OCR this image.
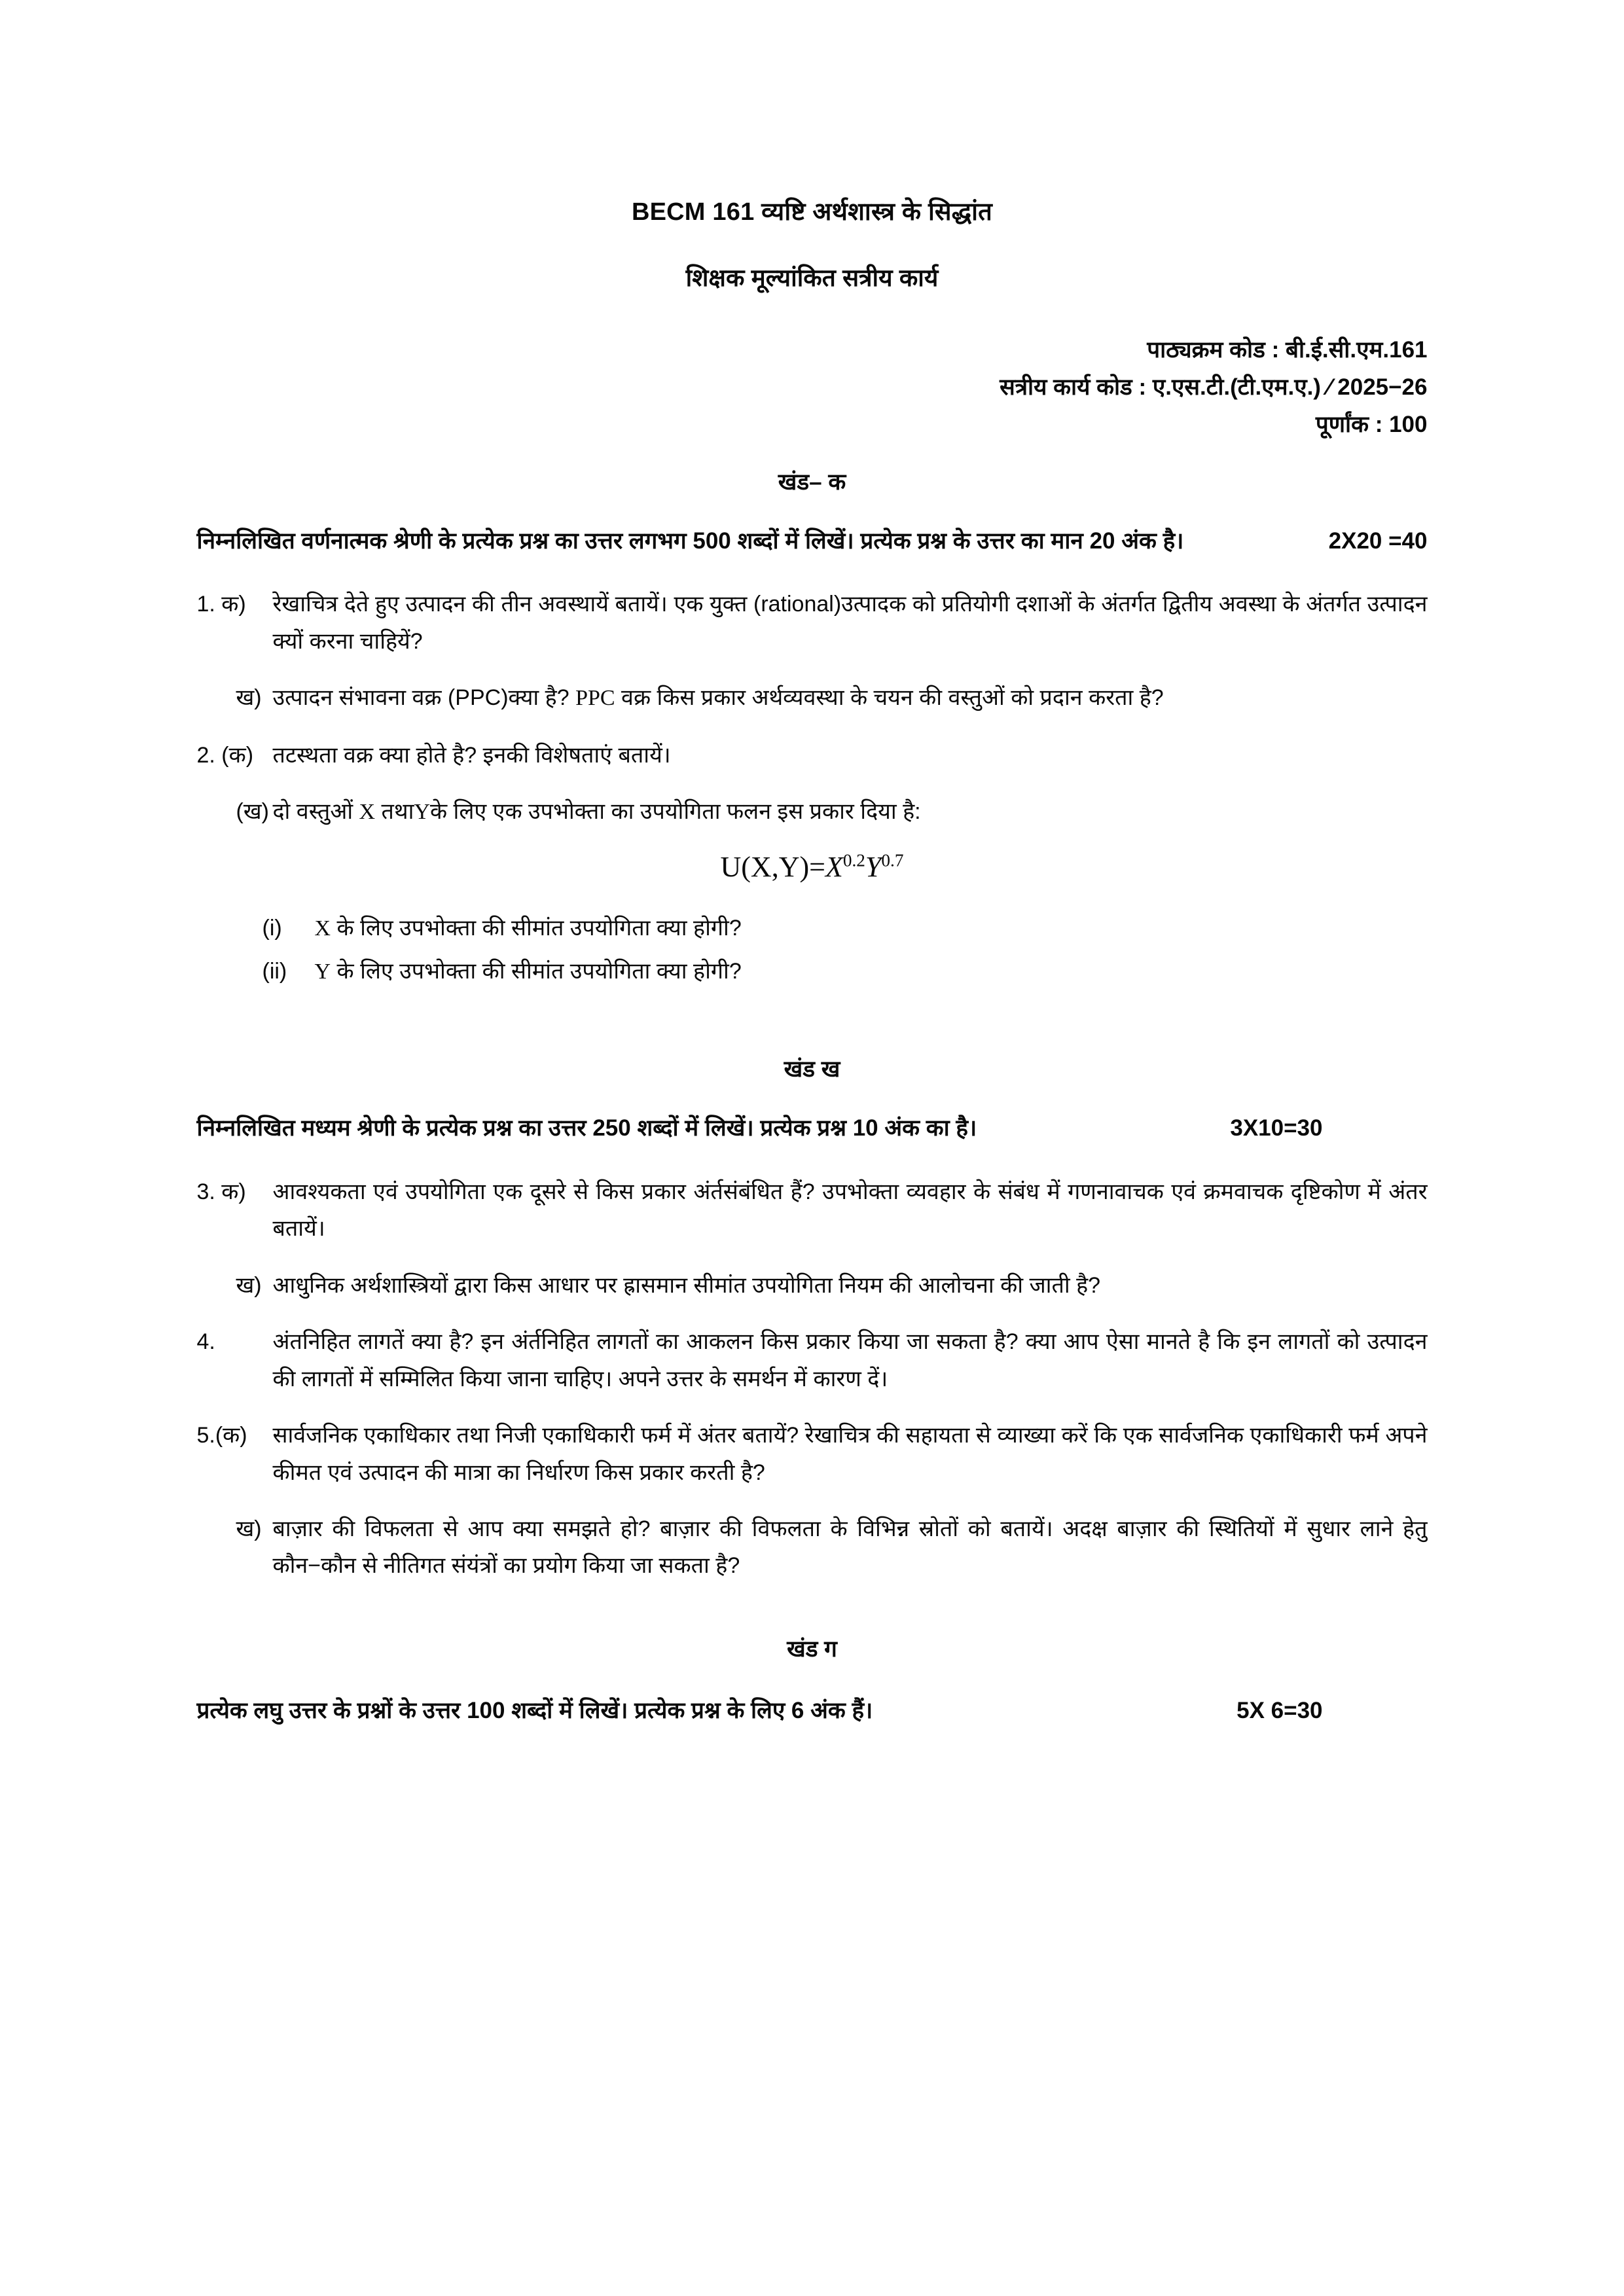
BECM 161 व्यष्टि अर्थशास्त्र के सिद्धांत
शिक्षक मूल्यांकित सत्रीय कार्य
पाठ्यक्रम कोड : बी.ई.सी.एम.161
सत्रीय कार्य कोड : ए.एस.टी.(टी.एम.ए.) ⁄ 2025−26
पूर्णांक : 100
खंड– क
2X20 =40
निम्नलिखित वर्णनात्मक श्रेणी के प्रत्येक प्रश्न का उत्तर लगभग 500 शब्दों में लिखें। प्रत्येक प्रश्न के उत्तर का मान 20 अंक है।
1. क)	रेखाचित्र देते हुए उत्पादन की तीन अवस्थायें बतायें। एक युक्त (rational)उत्पादक को प्रतियोगी दशाओं के अंतर्गत द्वितीय अवस्था के अंतर्गत उत्पादन क्यों करना चाहियें?
ख) उत्पादन संभावना वक्र (PPC)क्या है? PPC वक्र किस प्रकार अर्थव्यवस्था के चयन की वस्तुओं को प्रदान करता है?
2. (क) तटस्थता वक्र क्या होते है? इनकी विशेषताएं बतायें।
(ख) दो वस्तुओं X तथाYके लिए एक उपभोक्ता का उपयोगिता फलन इस प्रकार दिया है:
$U(X,Y)=X^{0.2}Y^{0.7}$
(i)	X के लिए उपभोक्ता की सीमांत उपयोगिता क्या होगी?
(ii)	Y के लिए उपभोक्ता की सीमांत उपयोगिता क्या होगी?
खंड ख
निम्नलिखित मध्यम श्रेणी के प्रत्येक प्रश्न का उत्तर 250 शब्दों में लिखें। प्रत्येक प्रश्न 10 अंक का है।	3X10=30
3. क)	आवश्यकता एवं उपयोगिता एक दूसरे से किस प्रकार अंर्तसंबंधित हैं? उपभोक्ता व्यवहार के संबंध में गणनावाचक एवं क्रमवाचक दृष्टिकोण में अंतर बतायें।
ख) आधुनिक अर्थशास्त्रियों द्वारा किस आधार पर ह्रासमान सीमांत उपयोगिता नियम की आलोचना की जाती है?
4.	अंतनिहित लागतें क्या है? इन अंर्तनिहित लागतों का आकलन किस प्रकार किया जा सकता है? क्या आप ऐसा मानते है कि इन लागतों को उत्पादन की लागतों में सम्मिलित किया जाना चाहिए। अपने उत्तर के समर्थन में कारण दें।
5.(क)	सार्वजनिक एकाधिकार तथा निजी एकाधिकारी फर्म में अंतर बतायें? रेखाचित्र की सहायता से व्याख्या करें कि एक सार्वजनिक एकाधिकारी फर्म अपने कीमत एवं उत्पादन की मात्रा का निर्धारण किस प्रकार करती है?
ख) बाज़ार की विफलता से आप क्या समझते हो? बाज़ार की विफलता के विभिन्न स्रोतों को बतायें। अदक्ष बाज़ार की स्थितियों में सुधार लाने हेतु कौन−कौन से नीतिगत संयंत्रों का प्रयोग किया जा सकता है?
खंड ग
प्रत्येक लघु उत्तर के प्रश्नों के उत्तर 100 शब्दों में लिखें। प्रत्येक प्रश्न के लिए 6 अंक हैं।	5X 6=30
